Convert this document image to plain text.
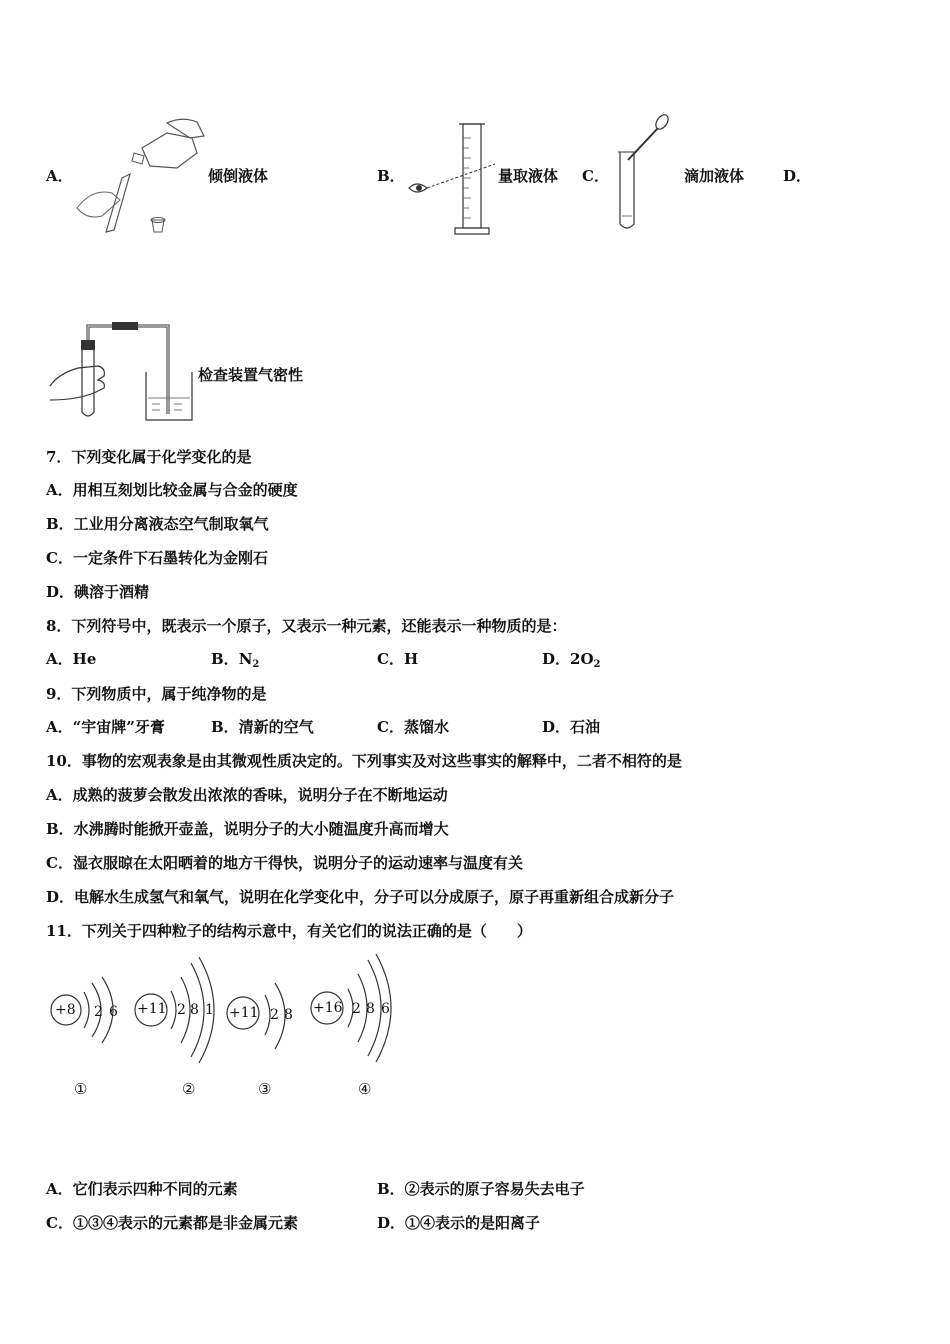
A．	倾倒液体	B．	量取液体 C．	滴加液体	D．
检查装置气密性
7．下列变化属于化学变化的是
A．用相互刻划比较金属与合金的硬度
B．工业用分离液态空气制取氧气
C．一定条件下石墨转化为金刚石
D．碘溶于酒精
8．下列符号中，既表示一个原子，又表示一种元素，还能表示一种物质的是：
A．He	B．$N_2$	C．H	D．$2O_2$
9．下列物质中，属于纯净物的是
A．“宇宙牌”牙膏	B．清新的空气	C．蒸馏水	D．石油
10．事物的宏观表象是由其微观性质决定的。下列事实及对这些事实的解释中，二者不相符的是
A．成熟的菠萝会散发出浓浓的香味，说明分子在不断地运动
B．水沸腾时能掀开壶盖，说明分子的大小随温度升高而增大
C．湿衣服晾在太阳晒着的地方干得快，说明分子的运动速率与温度有关
D．电解水生成氢气和氧气，说明在化学变化中，分子可以分成原子，原子再重新组合成新分子
11．下列关于四种粒子的结构示意中，有关它们的说法正确的是（　　）
+8 2 6 +11 2 8 1 +11 2 8 +16 2 8 6
①	②	③	④
A．它们表示四种不同的元素	B．②表示的原子容易失去电子
C．①③④表示的元素都是非金属元素	D．①④表示的是阳离子
